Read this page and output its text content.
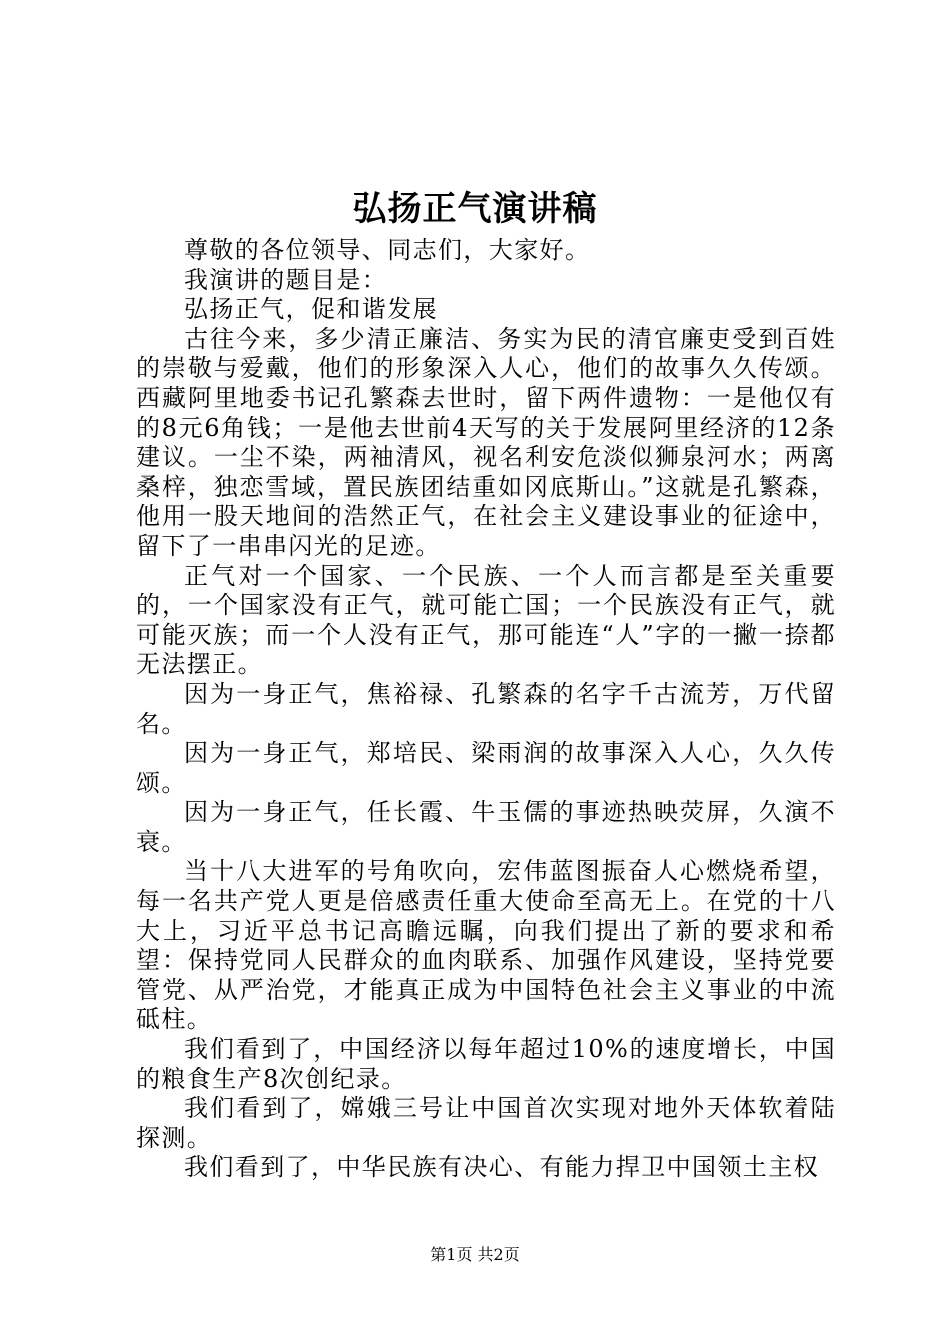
弘扬正气演讲稿

尊敬的各位领导、同志们，大家好。

我演讲的题目是：

弘扬正气，促和谐发展

古往今来，多少清正廉洁、务实为民的清官廉吏受到百姓的崇敬与爱戴，他们的形象深入人心，他们的故事久久传颂。西藏阿里地委书记孔繁森去世时，留下两件遗物：一是他仅有的8元6角钱；一是他去世前4天写的关于发展阿里经济的12条建议。一尘不染，两袖清风，视名利安危淡似狮泉河水；两离桑梓，独恋雪域，置民族团结重如冈底斯山。”这就是孔繁森，他用一股天地间的浩然正气，在社会主义建设事业的征途中，留下了一串串闪光的足迹。

正气对一个国家、一个民族、一个人而言都是至关重要的，一个国家没有正气，就可能亡国；一个民族没有正气，就可能灭族；而一个人没有正气，那可能连“人”字的一撇一捺都无法摆正。

因为一身正气，焦裕禄、孔繁森的名字千古流芳，万代留名。

因为一身正气，郑培民、梁雨润的故事深入人心，久久传颂。

因为一身正气，任长霞、牛玉儒的事迹热映荧屏，久演不衰。

当十八大进军的号角吹向，宏伟蓝图振奋人心燃烧希望，每一名共产党人更是倍感责任重大使命至高无上。在党的十八大上，习近平总书记高瞻远瞩，向我们提出了新的要求和希望：保持党同人民群众的血肉联系、加强作风建设，坚持党要管党、从严治党，才能真正成为中国特色社会主义事业的中流砥柱。

我们看到了，中国经济以每年超过10%的速度增长，中国的粮食生产8次创纪录。

我们看到了，嫦娥三号让中国首次实现对地外天体软着陆探测。

我们看到了，中华民族有决心、有能力捍卫中国领土主权

第1页 共2页
